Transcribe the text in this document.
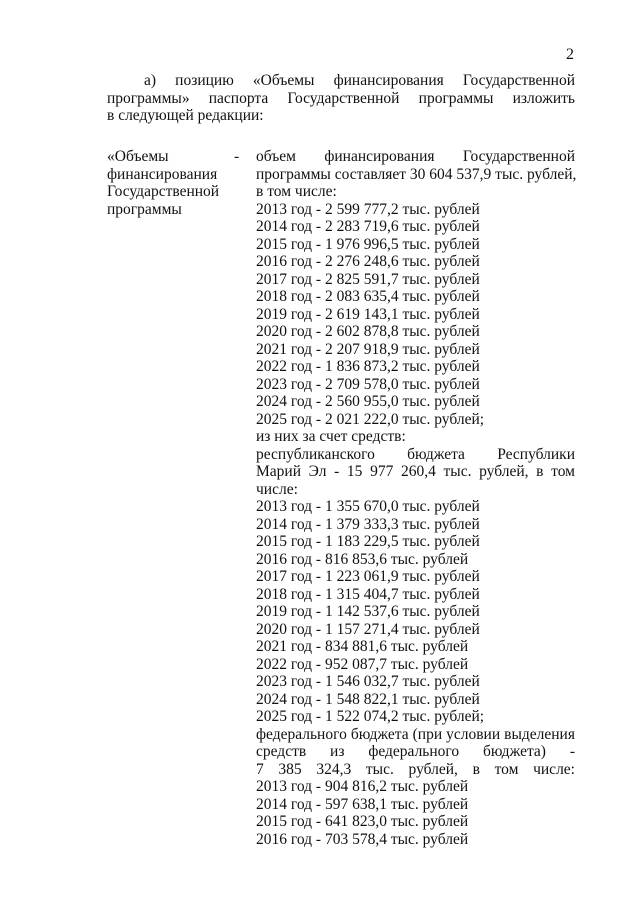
2
а) позицию «Объемы финансирования Государственной
программы» паспорта Государственной программы изложить
в следующей редакции:
«Объемы
финансирования
Государственной
программы
- объем финансирования Государственной
программы составляет 30 604 537,9 тыс. рублей,
в том числе:
2013 год - 2 599 777,2 тыс. рублей
2014 год - 2 283 719,6 тыс. рублей
2015 год - 1 976 996,5 тыс. рублей
2016 год - 2 276 248,6 тыс. рублей
2017 год - 2 825 591,7 тыс. рублей
2018 год - 2 083 635,4 тыс. рублей
2019 год - 2 619 143,1 тыс. рублей
2020 год - 2 602 878,8 тыс. рублей
2021 год - 2 207 918,9 тыс. рублей
2022 год - 1 836 873,2 тыс. рублей
2023 год - 2 709 578,0 тыс. рублей
2024 год - 2 560 955,0 тыс. рублей
2025 год - 2 021 222,0 тыс. рублей;
из них за счет средств:
республиканского бюджета Республики
Марий Эл - 15 977 260,4 тыс. рублей, в том
числе:
2013 год - 1 355 670,0 тыс. рублей
2014 год - 1 379 333,3 тыс. рублей
2015 год - 1 183 229,5 тыс. рублей
2016 год - 816 853,6 тыс. рублей
2017 год - 1 223 061,9 тыс. рублей
2018 год - 1 315 404,7 тыс. рублей
2019 год - 1 142 537,6 тыс. рублей
2020 год - 1 157 271,4 тыс. рублей
2021 год - 834 881,6 тыс. рублей
2022 год - 952 087,7 тыс. рублей
2023 год - 1 546 032,7 тыс. рублей
2024 год - 1 548 822,1 тыс. рублей
2025 год - 1 522 074,2 тыс. рублей;
федерального бюджета (при условии выделения
средств из федерального бюджета) -
7 385 324,3 тыс. рублей, в том числе:
2013 год - 904 816,2 тыс. рублей
2014 год - 597 638,1 тыс. рублей
2015 год - 641 823,0 тыс. рублей
2016 год - 703 578,4 тыс. рублей
